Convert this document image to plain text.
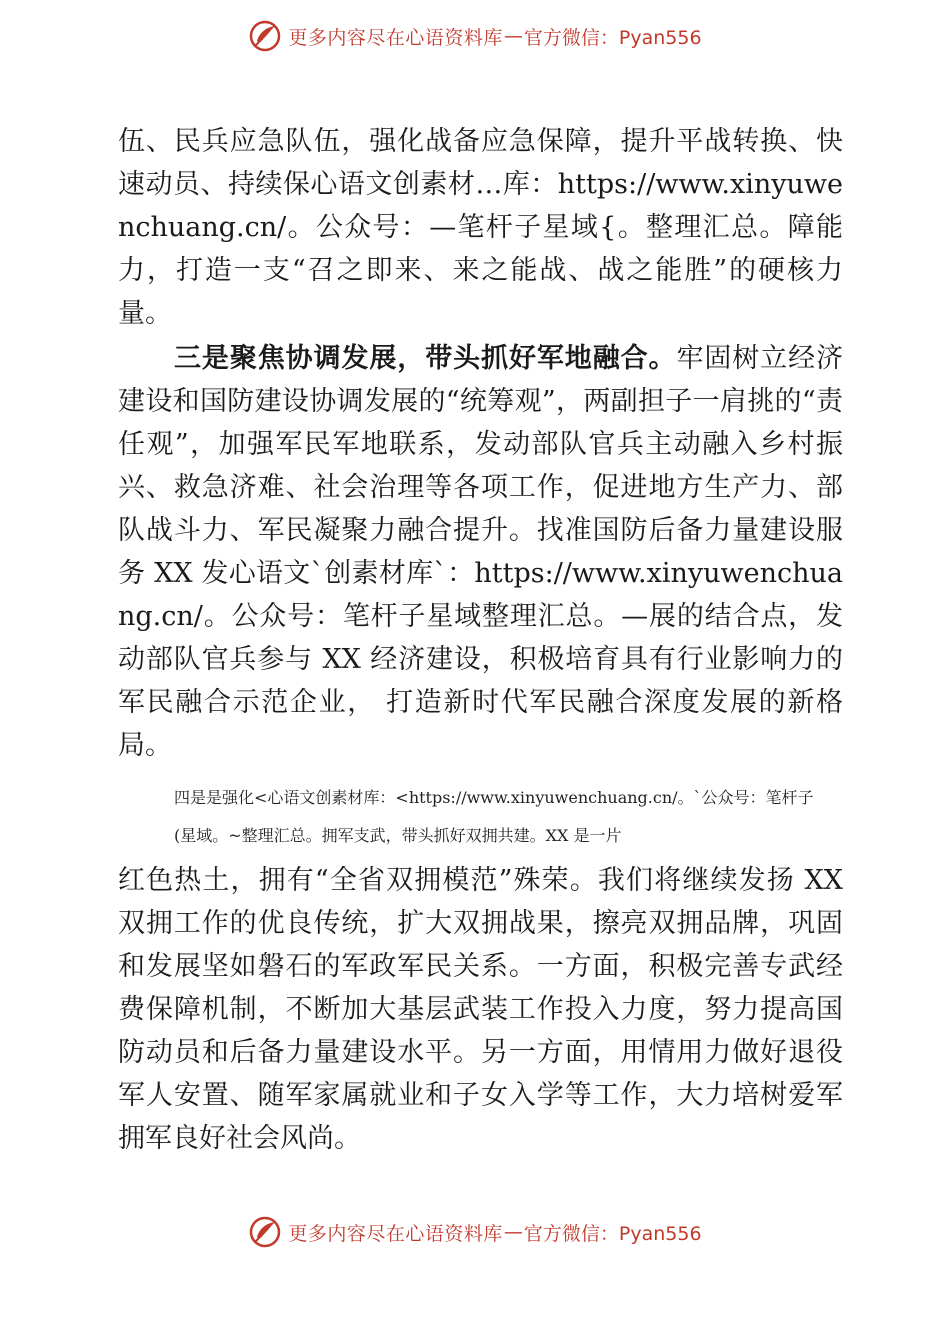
更多内容尽在心语资料库 — 官方微信：Pyan556

伍、民兵应急队伍，强化战备应急保障，提升平战转换、快速动员、持续保心语文创素材…库：https://www.xinyuwenchuang.cn/。公众号：—笔杆子星域{。整理汇总。障能力，打造一支“召之即来、来之能战、战之能胜”的硬核力量。

三是聚焦协调发展，带头抓好军地融合。牢固树立经济建设和国防建设协调发展的“统筹观”，两副担子一肩挑的“责任观”，加强军民军地联系，发动部队官兵主动融入乡村振兴、救急济难、社会治理等各项工作，促进地方生产力、部队战斗力、军民凝聚力融合提升。找准国防后备力量建设服务 XX 发心语文`创素材库`：https://www.xinyuwenchuang.cn/。公众号：笔杆子星域整理汇总。—展的结合点，发动部队官兵参与 XX 经济建设，积极培育具有行业影响力的军民融合示范企业， 打造新时代军民融合深度发展的新格局。

四是是强化<心语文创素材库：<https://www.xinyuwenchuang.cn/。`公众号：笔杆子
(星域。~整理汇总。拥军支武，带头抓好双拥共建。XX 是一片

红色热土，拥有“全省双拥模范”殊荣。我们将继续发扬 XX 双拥工作的优良传统，扩大双拥战果，擦亮双拥品牌，巩固和发展坚如磐石的军政军民关系。一方面，积极完善专武经费保障机制，不断加大基层武装工作投入力度，努力提高国防动员和后备力量建设水平。另一方面，用情用力做好退役军人安置、随军家属就业和子女入学等工作，大力培树爱军拥军良好社会风尚。

更多内容尽在心语资料库 — 官方微信：Pyan556
